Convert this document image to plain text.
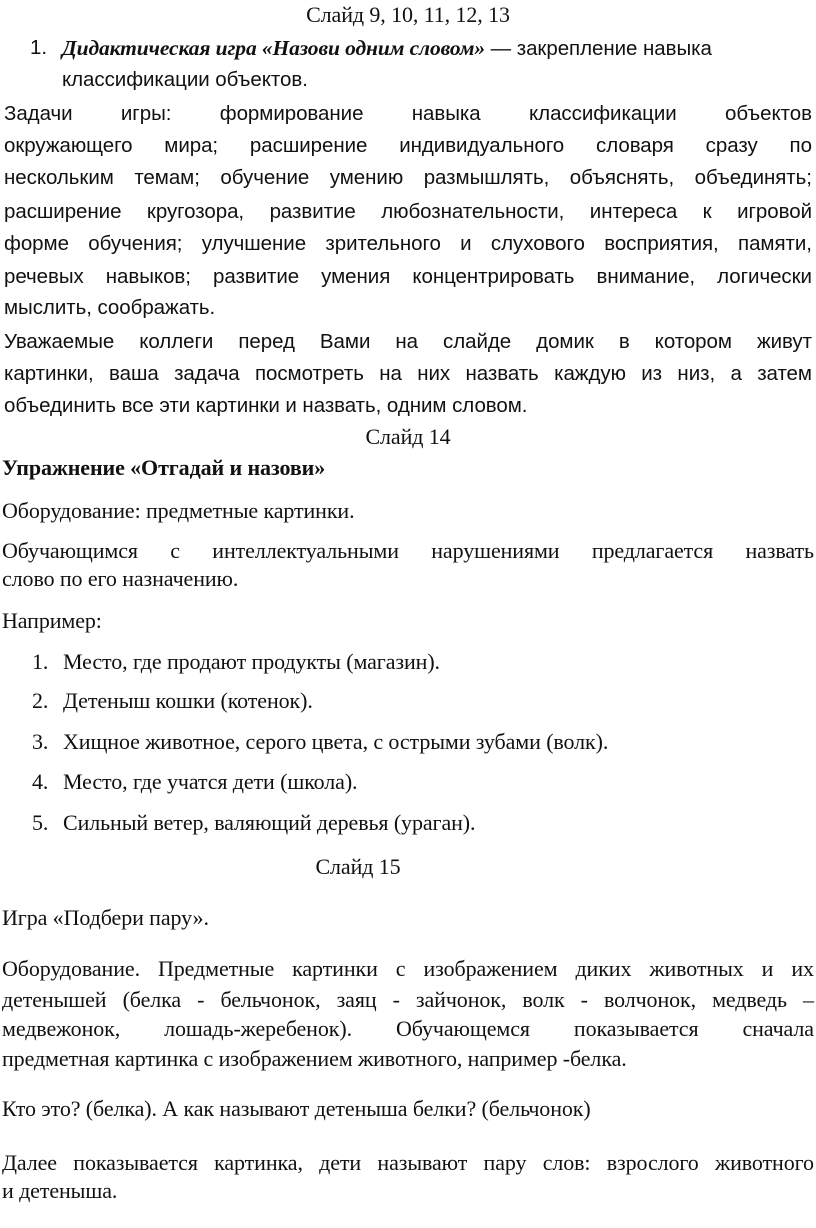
Слайд 9, 10, 11, 12, 13
1. Дидактическая игра «Назови одним словом» — закрепление навыка
классификации объектов.
Задачи игры: формирование навыка классификации объектов
окружающего мира; расширение индивидуального словаря сразу по
нескольким темам; обучение умению размышлять, объяснять, объединять;
расширение кругозора, развитие любознательности, интереса к игровой
форме обучения; улучшение зрительного и слухового восприятия, памяти,
речевых навыков; развитие умения концентрировать внимание, логически
мыслить, соображать.
Уважаемые коллеги перед Вами на слайде домик в котором живут
картинки, ваша задача посмотреть на них назвать каждую из низ, а затем
объединить все эти картинки и назвать, одним словом.
Слайд 14
Упражнение «Отгадай и назови»
Оборудование: предметные картинки.
Обучающимся с интеллектуальными нарушениями предлагается назвать
слово по его назначению.
Например:
1. Место, где продают продукты (магазин).
2. Детеныш кошки (котенок).
3. Хищное животное, серого цвета, с острыми зубами (волк).
4. Место, где учатся дети (школа).
5. Сильный ветер, валяющий деревья (ураган).
Слайд 15
Игра «Подбери пару».
Оборудование. Предметные картинки с изображением диких животных и их
детенышей (белка - бельчонок, заяц - зайчонок, волк - волчонок, медведь –
медвежонок, лошадь-жеребенок). Обучающемся показывается сначала
предметная картинка с изображением животного, например -белка.
Кто это? (белка). А как называют детеныша белки? (бельчонок)
Далее показывается картинка, дети называют пару слов: взрослого животного
и детеныша.
